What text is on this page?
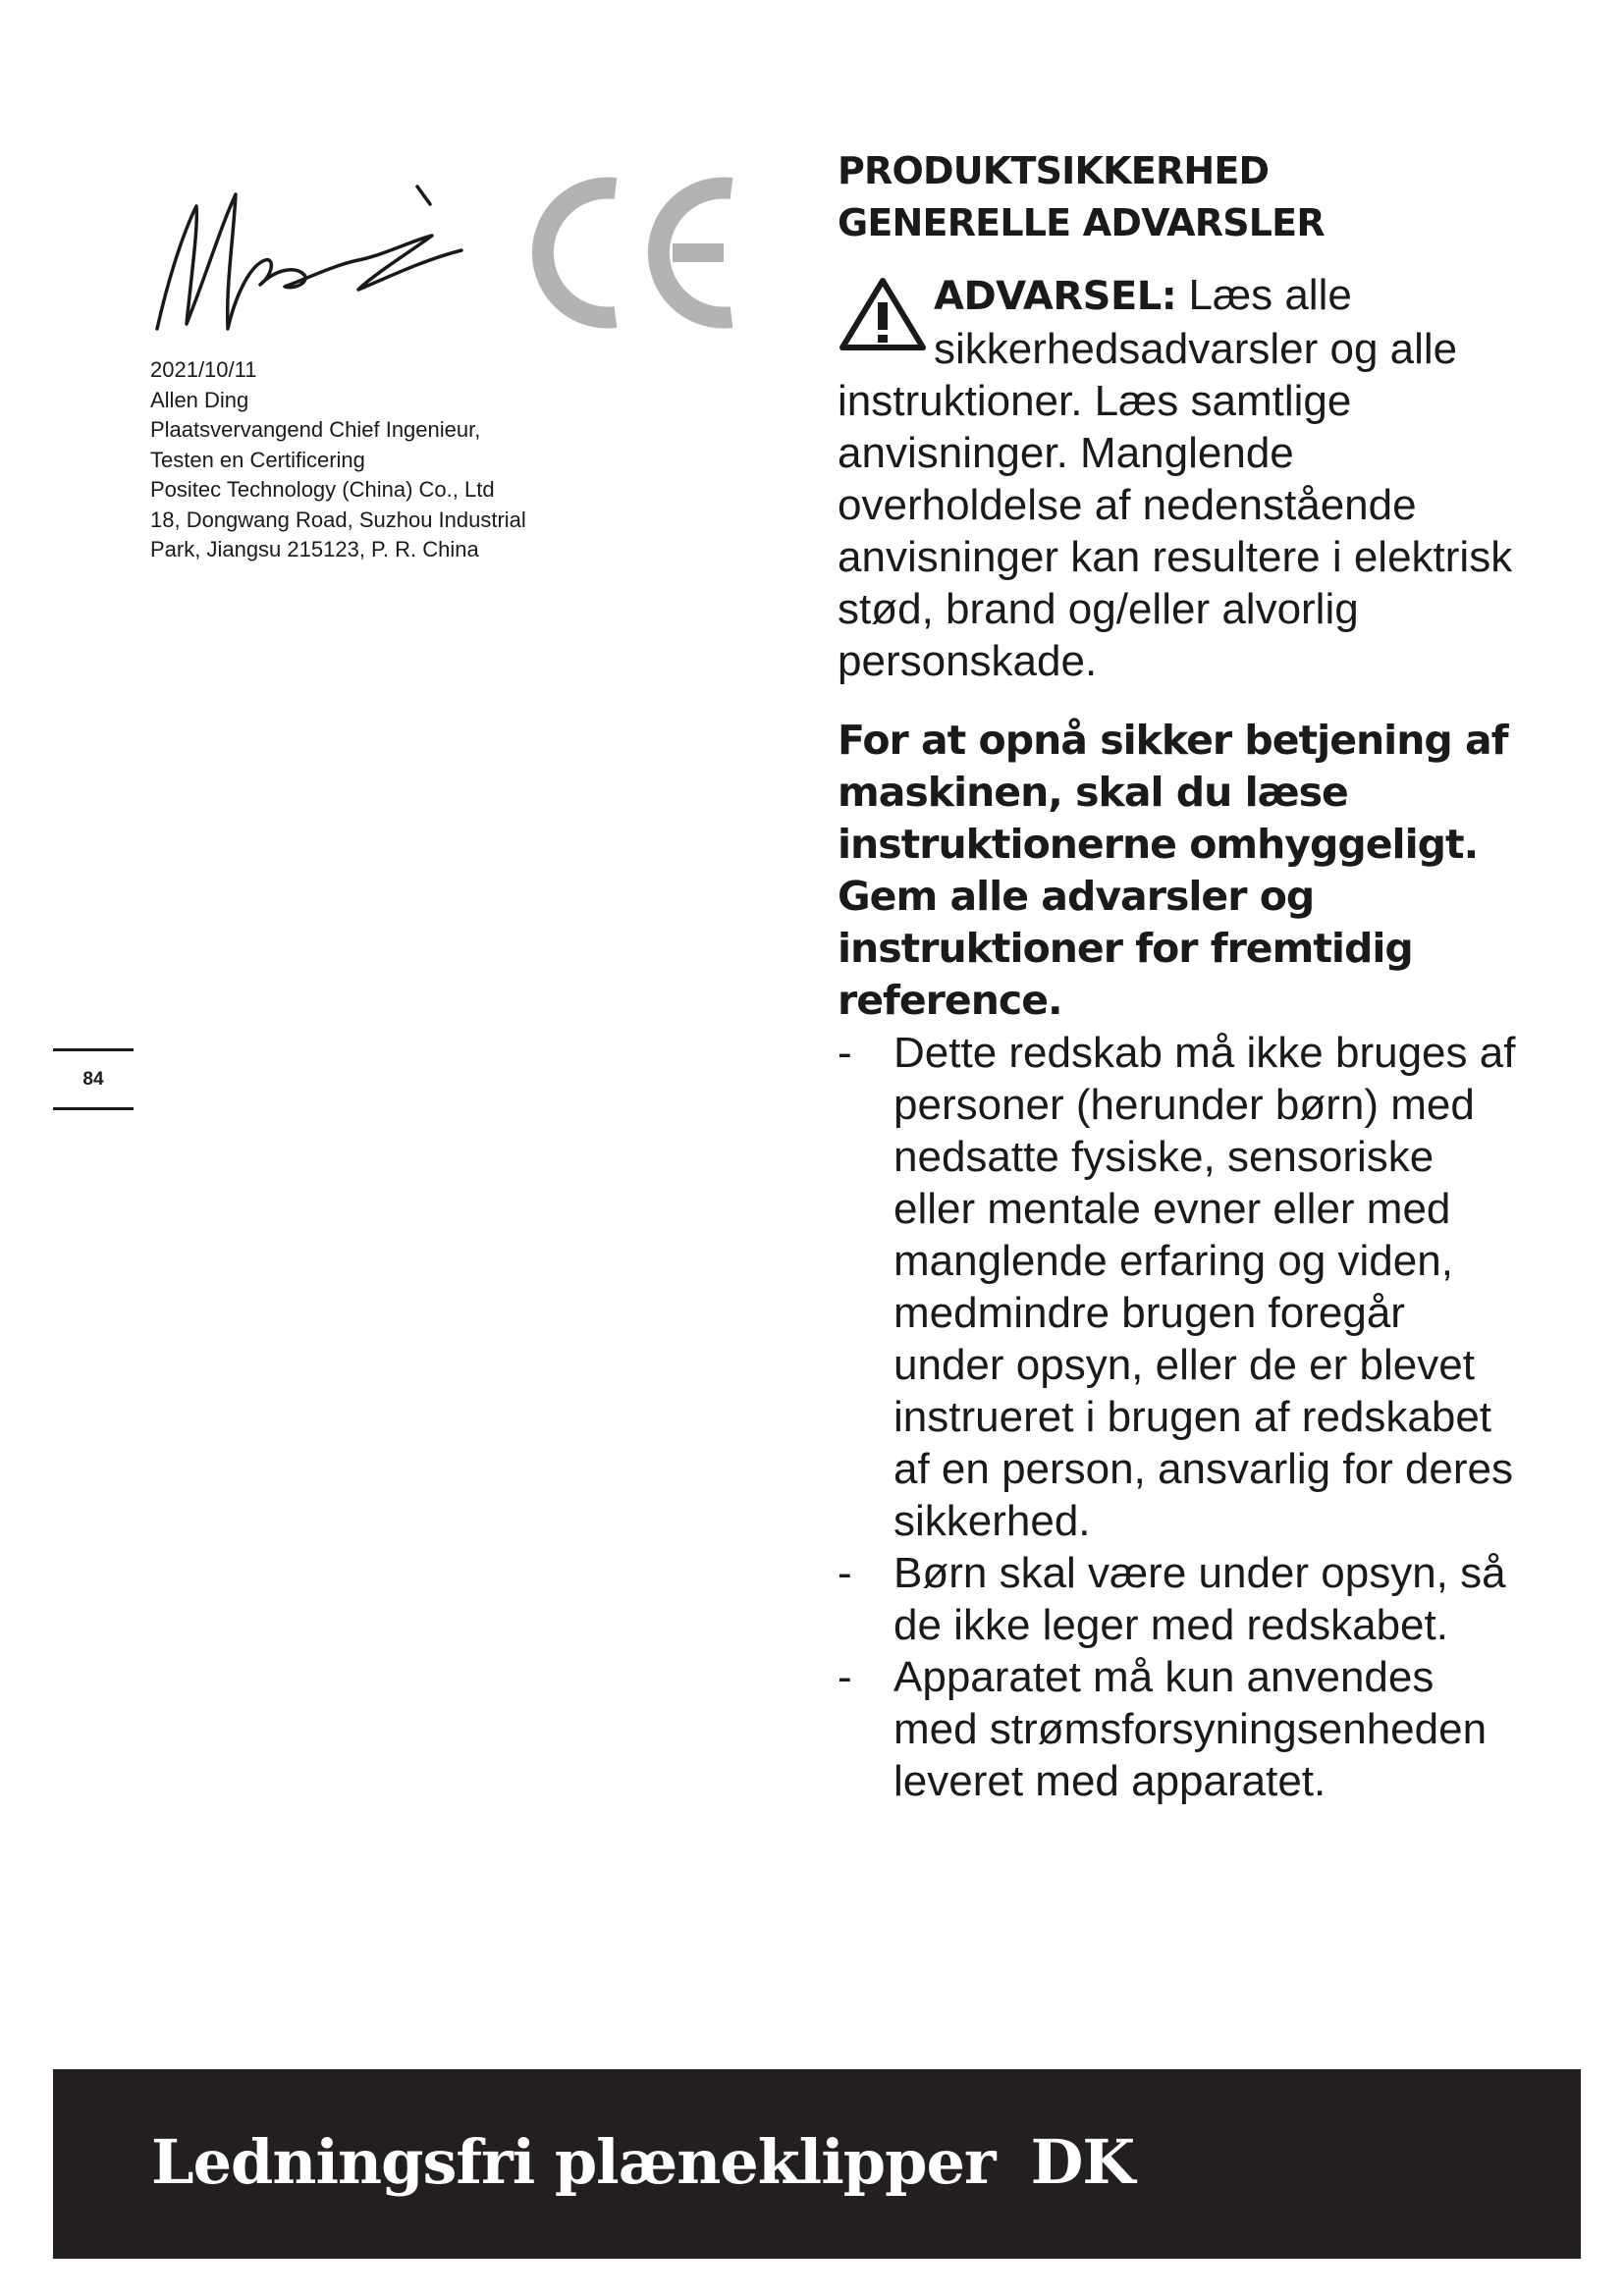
2021/10/11
Allen Ding
Plaatsvervangend Chief Ingenieur,
Testen en Certificering
Positec Technology (China) Co., Ltd
18, Dongwang Road, Suzhou Industrial
Park, Jiangsu 215123, P. R. China
84
PRODUKTSIKKERHED
GENERELLE ADVARSLER
ADVARSEL: Læs alle
sikkerhedsadvarsler og alle

instruktioner. Læs samtlige anvisninger. Manglende overholdelse af nedenstående anvisninger kan resultere i elektrisk stød, brand og/eller alvorlig personskade.

For at opnå sikker betjening af maskinen, skal du læse instruktionerne omhyggeligt. Gem alle advarsler og instruktioner for fremtidig reference.
- Dette redskab må ikke bruges af personer (herunder børn) med nedsatte fysiske, sensoriske eller mentale evner eller med manglende erfaring og viden, medmindre brugen foregår under opsyn, eller de er blevet instrueret i brugen af redskabet af en person, ansvarlig for deres sikkerhed.
- Børn skal være under opsyn, så de ikke leger med redskabet.
- Apparatet må kun anvendes med strømsforsyningsenheden leveret med apparatet.
Ledningsfri plæneklipper DK
